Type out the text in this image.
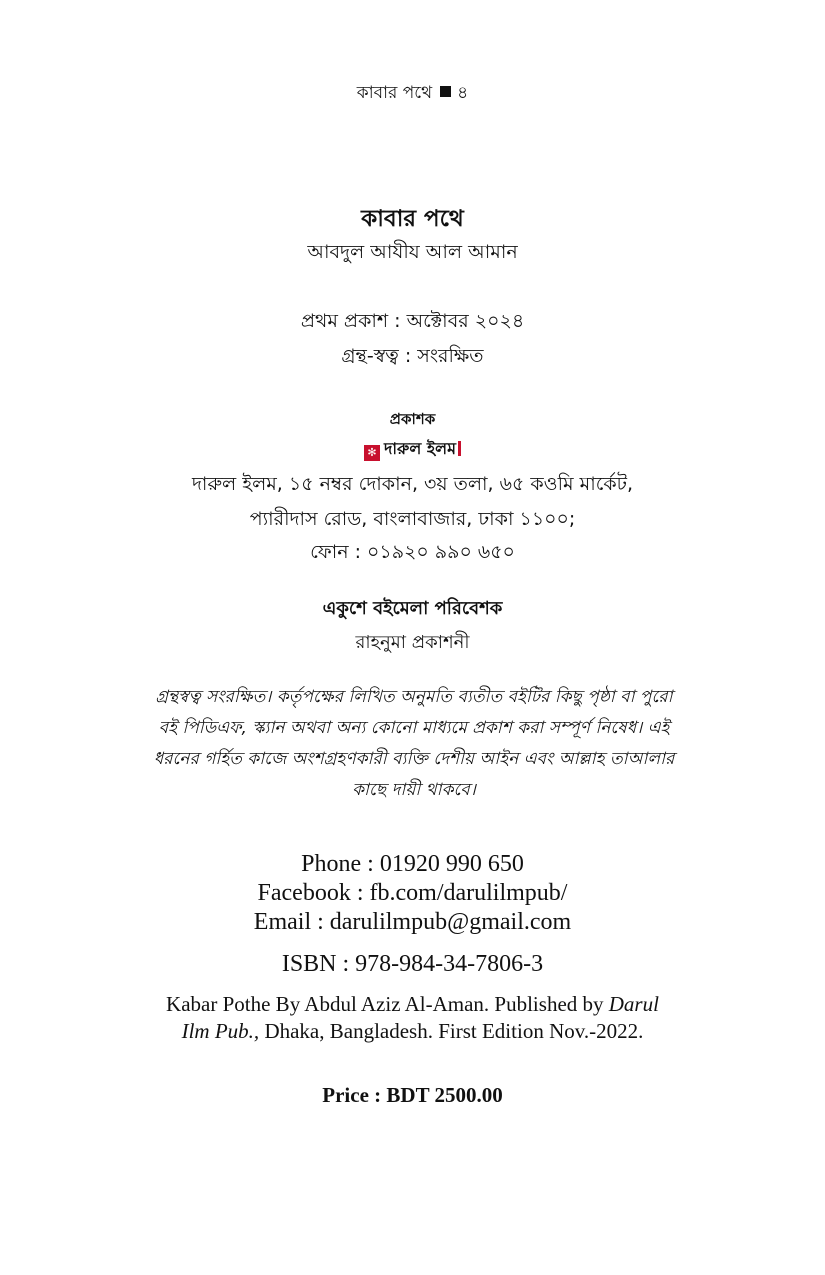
কাবার পথে ৪
কাবার পথে
আবদুল আযীয আল আমান
প্রথম প্রকাশ : অক্টোবর ২০২৪
গ্রন্থ-স্বত্ব : সংরক্ষিত
প্রকাশক
✻ দারুল ইলম
দারুল ইলম, ১৫ নম্বর দোকান, ৩য় তলা, ৬৫ কওমি মার্কেট,
প্যারীদাস রোড, বাংলাবাজার, ঢাকা ১১০০;
ফোন : ০১৯২০ ৯৯০ ৬৫০
একুশে বইমেলা পরিবেশক
রাহনুমা প্রকাশনী
গ্রন্থস্বত্ব সংরক্ষিত। কর্তৃপক্ষের লিখিত অনুমতি ব্যতীত বইটির কিছু পৃষ্ঠা বা পুরো বই পিডিএফ, স্ক্যান অথবা অন্য কোনো মাধ্যমে প্রকাশ করা সম্পূর্ণ নিষেধ। এই ধরনের গর্হিত কাজে অংশগ্রহণকারী ব্যক্তি দেশীয় আইন এবং আল্লাহ তাআলার কাছে দায়ী থাকবে।
Phone : 01920 990 650
Facebook : fb.com/darulilmpub/
Email : darulilmpub@gmail.com
ISBN : 978-984-34-7806-3
Kabar Pothe By Abdul Aziz Al-Aman. Published by Darul Ilm Pub., Dhaka, Bangladesh. First Edition Nov.-2022.
Price : BDT 2500.00
